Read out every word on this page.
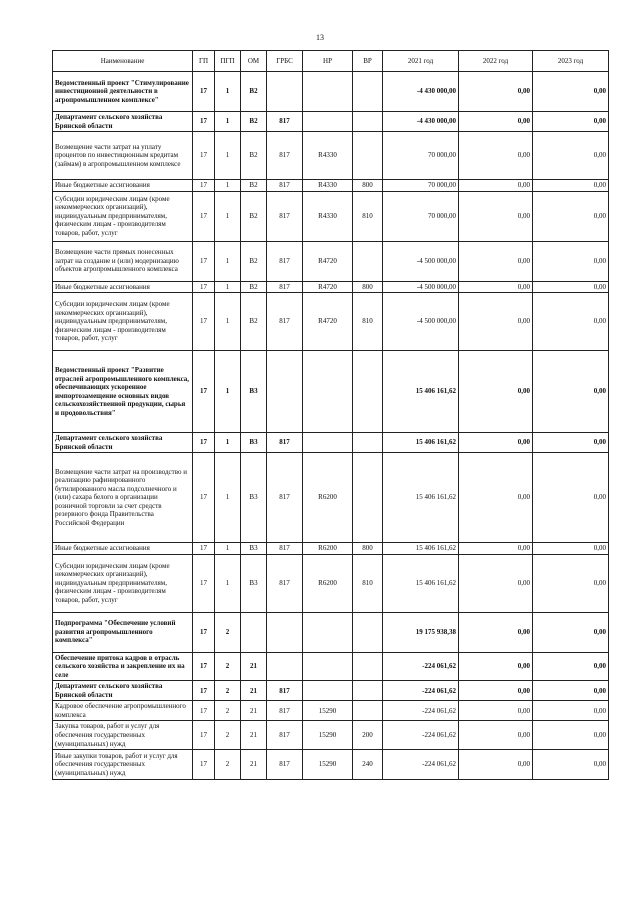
13
Наименование	ГП	ПГП	ОМ	ГРБС	НР	ВР	2021 год	2022 год	2023 год
Ведомственный проект "Стимулирование инвестиционной деятельности в агропромышленном комплексе"	17	1	В2				-4 430 000,00	0,00	0,00
Департамент сельского хозяйства Брянской области	17	1	В2	817			-4 430 000,00	0,00	0,00
Возмещение части затрат на уплату процентов по инвестиционным кредитам (займам) в агропромышленном комплексе	17	1	В2	817	R4330		70 000,00	0,00	0,00
Иные бюджетные ассигнования	17	1	В2	817	R4330	800	70 000,00	0,00	0,00
Субсидии юридическим лицам (кроме некоммерческих организаций), индивидуальным предпринимателям, физическим лицам - производителям товаров, работ, услуг	17	1	В2	817	R4330	810	70 000,00	0,00	0,00
Возмещение части прямых понесенных затрат на создание и (или) модернизацию объектов агропромышленного комплекса	17	1	В2	817	R4720		-4 500 000,00	0,00	0,00
Иные бюджетные ассигнования	17	1	В2	817	R4720	800	-4 500 000,00	0,00	0,00
Субсидии юридическим лицам (кроме некоммерческих организаций), индивидуальным предпринимателям, физическим лицам - производителям товаров, работ, услуг	17	1	В2	817	R4720	810	-4 500 000,00	0,00	0,00
Ведомственный проект "Развитие отраслей агропромышленного комплекса, обеспечивающих ускоренное импортозамещение основных видов сельскохозяйственной продукции, сырья и продовольствия"	17	1	В3				15 406 161,62	0,00	0,00
Департамент сельского хозяйства Брянской области	17	1	В3	817			15 406 161,62	0,00	0,00
Возмещение части затрат на производство и реализацию рафинированного бутилированного масла подсолнечного и (или) сахара белого в организации розничной торговли за счет средств резервного фонда Правительства Российской Федерации	17	1	В3	817	R6200		15 406 161,62	0,00	0,00
Иные бюджетные ассигнования	17	1	В3	817	R6200	800	15 406 161,62	0,00	0,00
Субсидии юридическим лицам (кроме некоммерческих организаций), индивидуальным предпринимателям, физическим лицам - производителям товаров, работ, услуг	17	1	В3	817	R6200	810	15 406 161,62	0,00	0,00
Подпрограмма "Обеспечение условий развития агропромышленного комплекса"	17	2					19 175 938,38	0,00	0,00
Обеспечение притока кадров в отрасль сельского хозяйства и закрепление их на селе	17	2	21				-224 061,62	0,00	0,00
Департамент сельского хозяйства Брянской области	17	2	21	817			-224 061,62	0,00	0,00
Кадровое обеспечение агропромышленного комплекса	17	2	21	817	15290		-224 061,62	0,00	0,00
Закупка товаров, работ и услуг для обеспечения государственных (муниципальных) нужд	17	2	21	817	15290	200	-224 061,62	0,00	0,00
Иные закупки товаров, работ и услуг для обеспечения государственных (муниципальных) нужд	17	2	21	817	15290	240	-224 061,62	0,00	0,00
